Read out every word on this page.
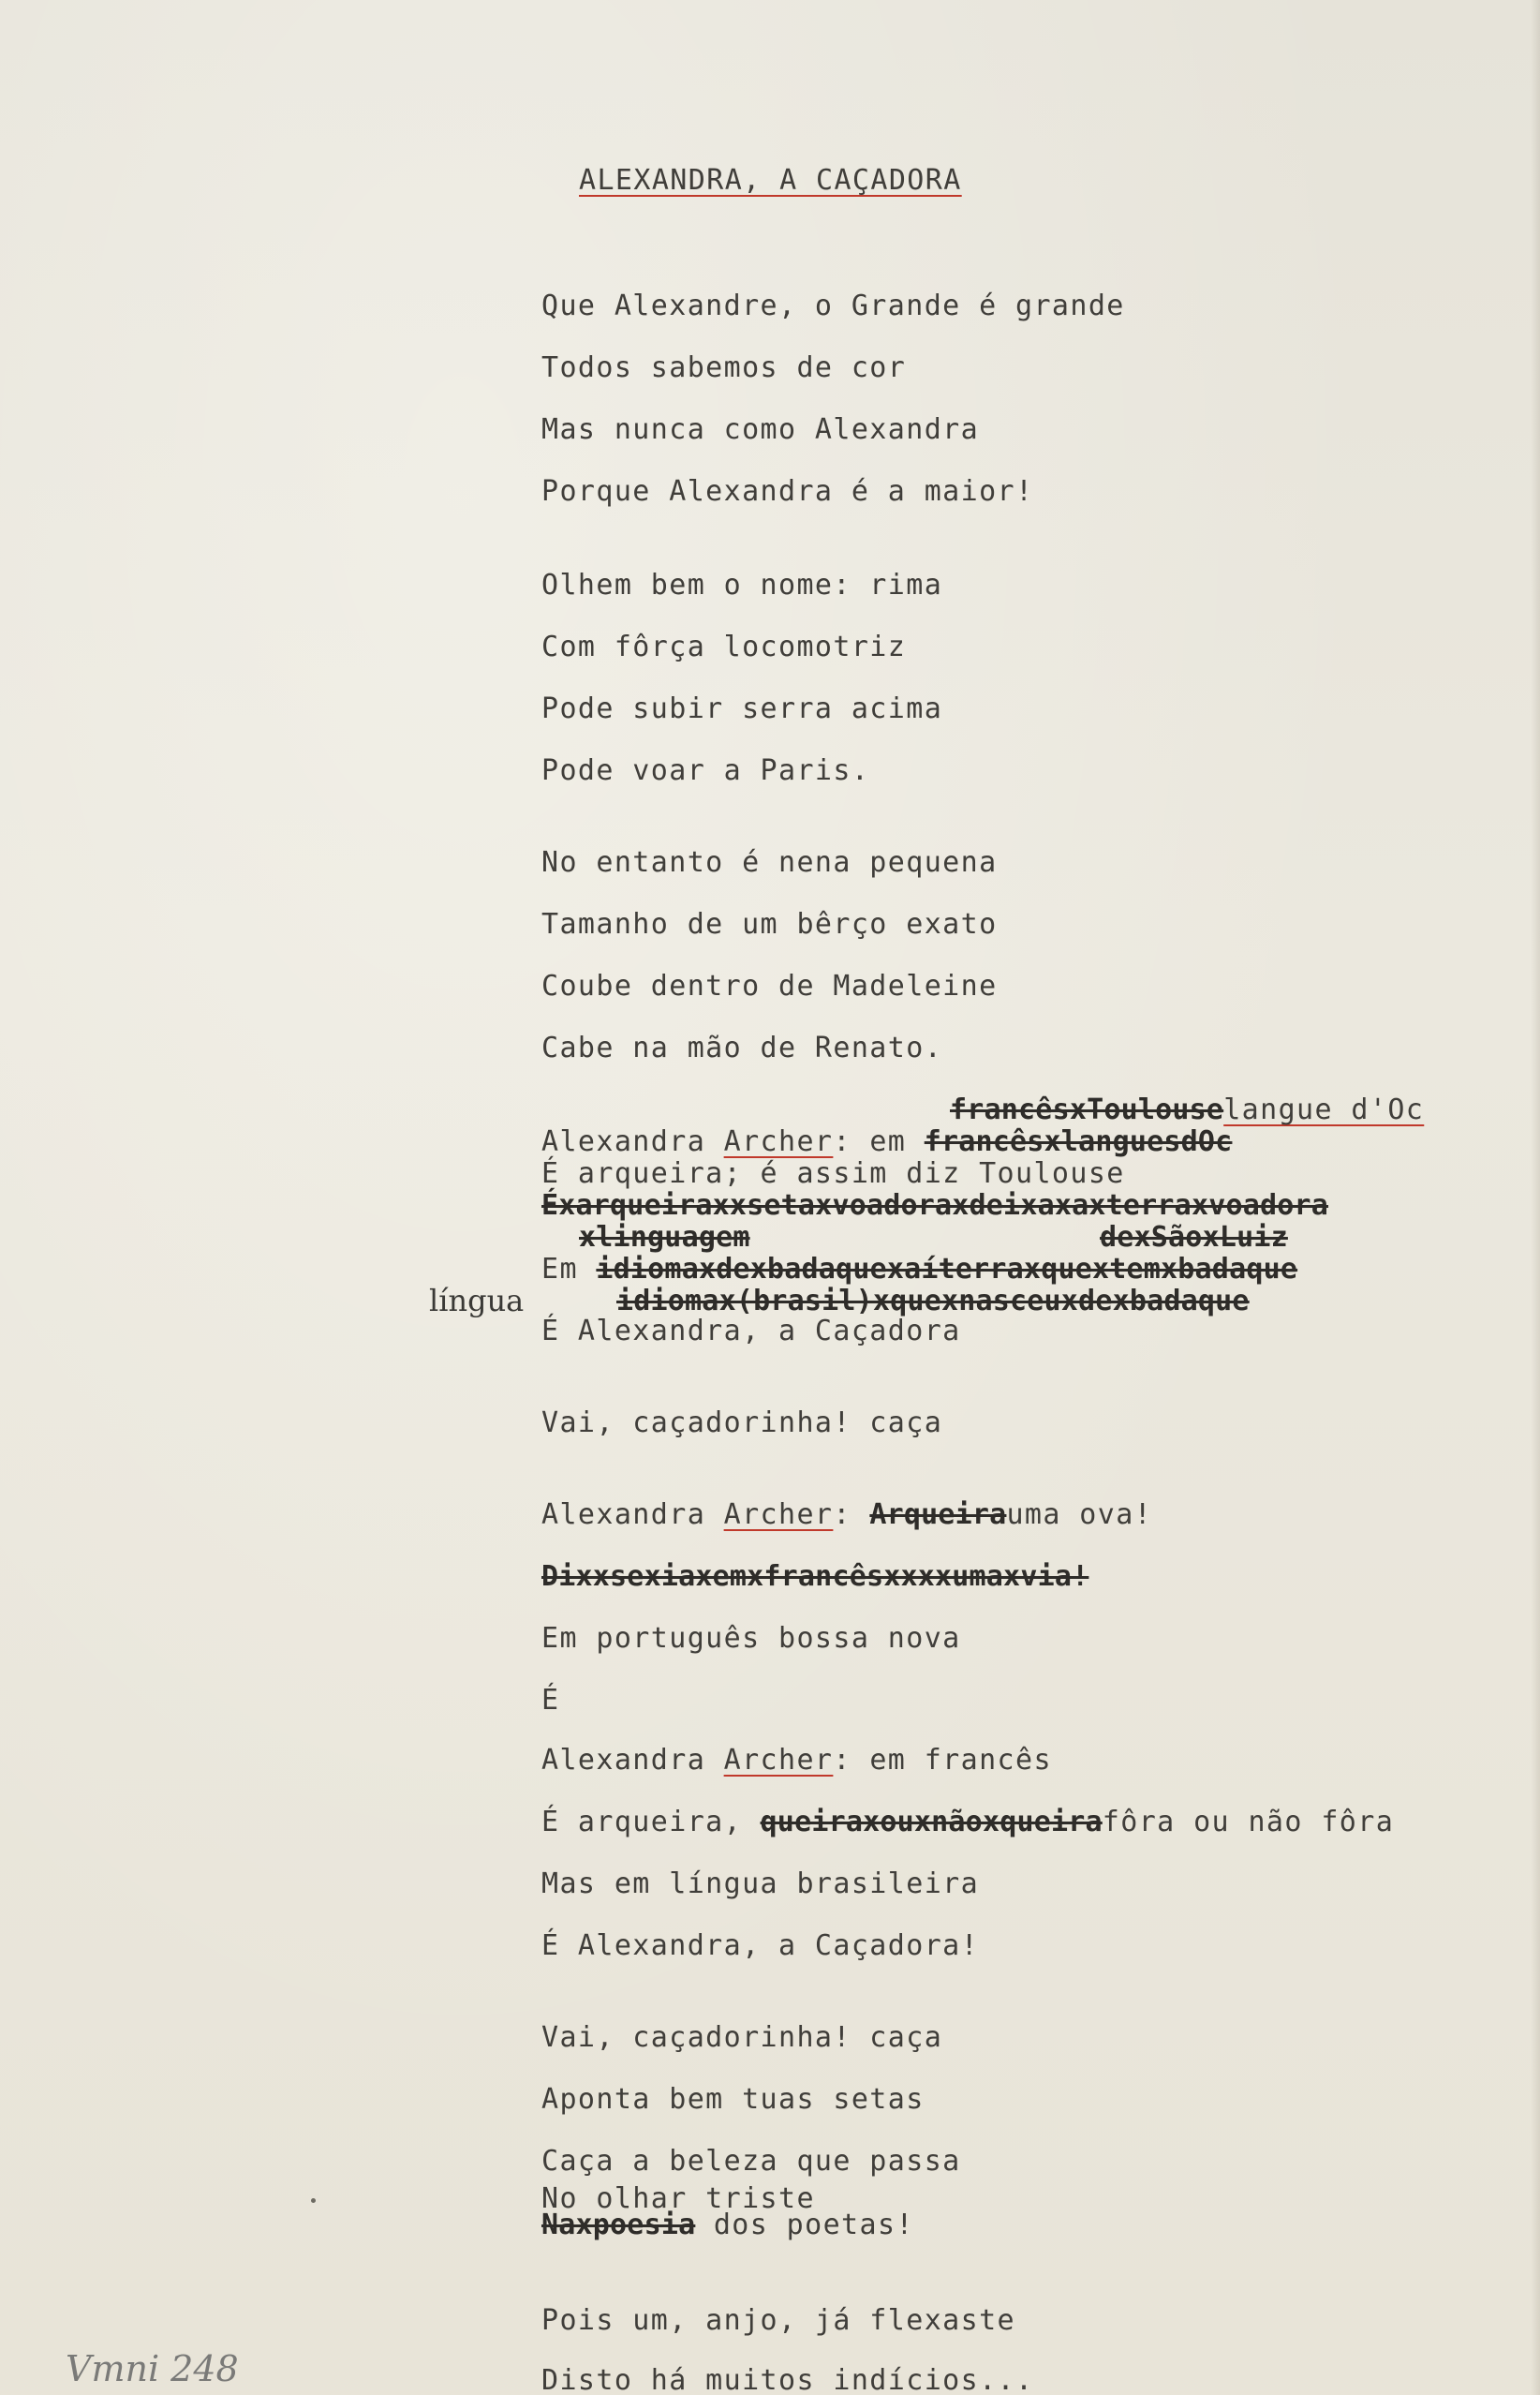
ALEXANDRA, A CAÇADORA
Que Alexandre, o Grande é grande
Todos sabemos de cor
Mas nunca como Alexandra
Porque Alexandra é a maior!
Olhem bem o nome: rima
Com fôrça locomotriz
Pode subir serra acima
Pode voar a Paris.
No entanto é nena pequena
Tamanho de um bêrço exato
Coube dentro de Madeleine
Cabe na mão de Renato.
francêsxToulouselangue d'Oc
Alexandra Archer: em francêsxlanguesdOc
É arqueira; é assim diz Toulouse
Éxarqueiraxxsetaxvoadoraxdeixaxaxterraxvoadora
xlinguagem	dexSãoxLuiz
Em idiomaxdexbadaquexaíterraxquextemxbadaque
língua	idiomax(brasil)xquexnasceuxdexbadaque
É Alexandra, a Caçadora
Vai, caçadorinha! caça
Alexandra Archer: Arqueirauma ova!
Dixxsexiaxemxfrancêsxxxxumaxvia!
Em português bossa nova
É
Alexandra Archer: em francês
É arqueira, queiraxouxnãoxqueirafôra ou não fôra
Mas em língua brasileira
É Alexandra, a Caçadora!
Vai, caçadorinha! caça
Aponta bem tuas setas
Caça a beleza que passa
No olhar triste
Naxpoesia dos poetas!
Pois um, anjo, já flexaste
Disto há muitos indícios...
Vmni 248
